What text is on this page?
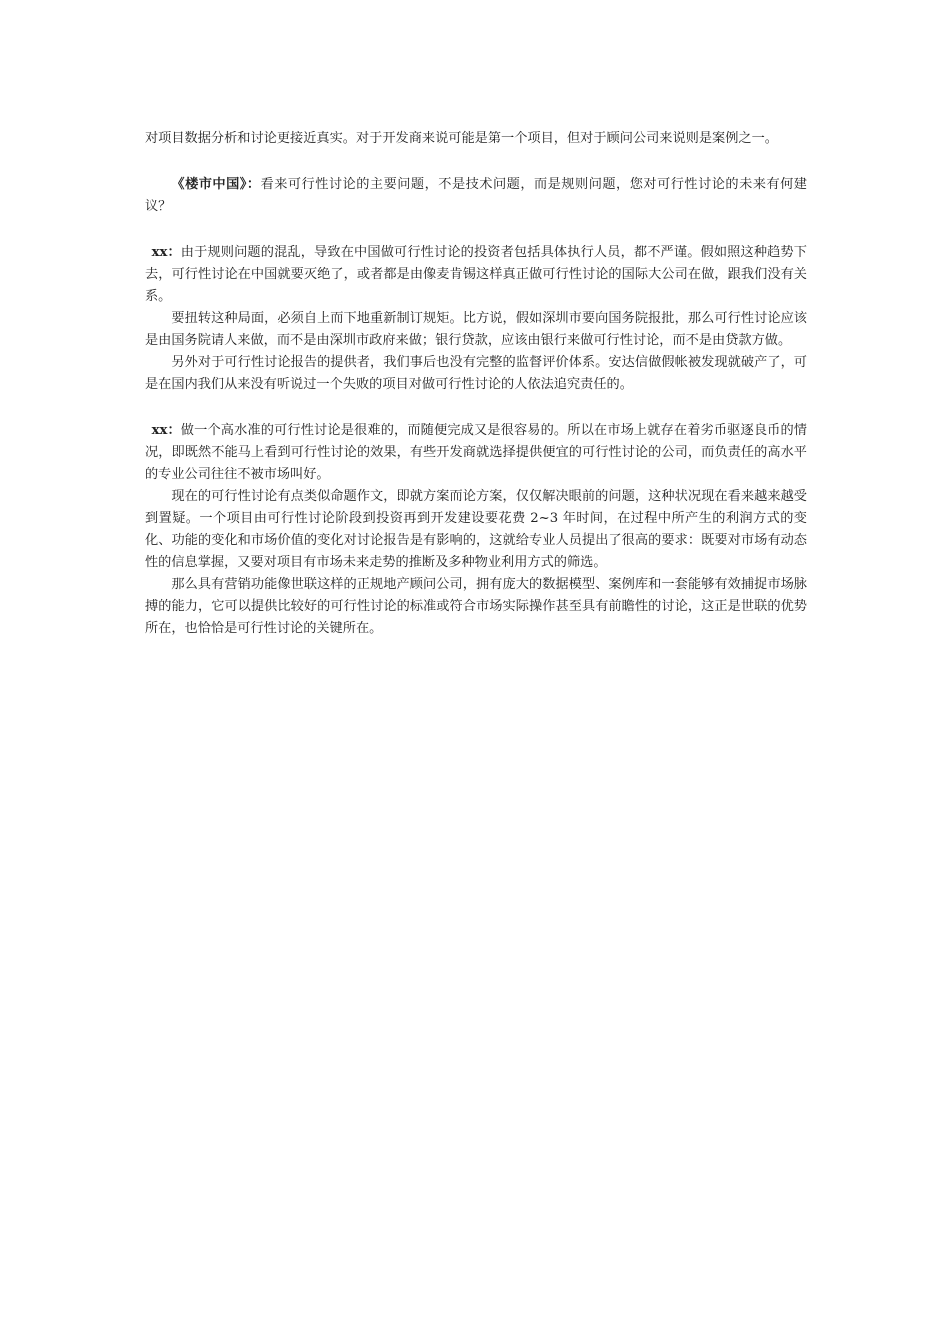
对项目数据分析和讨论更接近真实。对于开发商来说可能是第一个项目，但对于顾问公司来说则是案例之一。

《楼市中国》：看来可行性讨论的主要问题，不是技术问题，而是规则问题，您对可行性讨论的未来有何建议？

xx：由于规则问题的混乱，导致在中国做可行性讨论的投资者包括具体执行人员，都不严谨。假如照这种趋势下去，可行性讨论在中国就要灭绝了，或者都是由像麦肯锡这样真正做可行性讨论的国际大公司在做，跟我们没有关系。

要扭转这种局面，必须自上而下地重新制订规矩。比方说，假如深圳市要向国务院报批，那么可行性讨论应该是由国务院请人来做，而不是由深圳市政府来做；银行贷款，应该由银行来做可行性讨论，而不是由贷款方做。

另外对于可行性讨论报告的提供者，我们事后也没有完整的监督评价体系。安达信做假帐被发现就破产了，可是在国内我们从来没有听说过一个失败的项目对做可行性讨论的人依法追究责任的。

xx：做一个高水准的可行性讨论是很难的，而随便完成又是很容易的。所以在市场上就存在着劣币驱逐良币的情况，即既然不能马上看到可行性讨论的效果，有些开发商就选择提供便宜的可行性讨论的公司，而负责任的高水平的专业公司往往不被市场叫好。

现在的可行性讨论有点类似命题作文，即就方案而论方案，仅仅解决眼前的问题，这种状况现在看来越来越受到置疑。一个项目由可行性讨论阶段到投资再到开发建设要花费 2~3 年时间，在过程中所产生的利润方式的变化、功能的变化和市场价值的变化对讨论报告是有影响的，这就给专业人员提出了很高的要求：既要对市场有动态性的信息掌握，又要对项目有市场未来走势的推断及多种物业利用方式的筛选。

那么具有营销功能像世联这样的正规地产顾问公司，拥有庞大的数据模型、案例库和一套能够有效捕捉市场脉搏的能力，它可以提供比较好的可行性讨论的标准或符合市场实际操作甚至具有前瞻性的讨论，这正是世联的优势所在，也恰恰是可行性讨论的关键所在。
